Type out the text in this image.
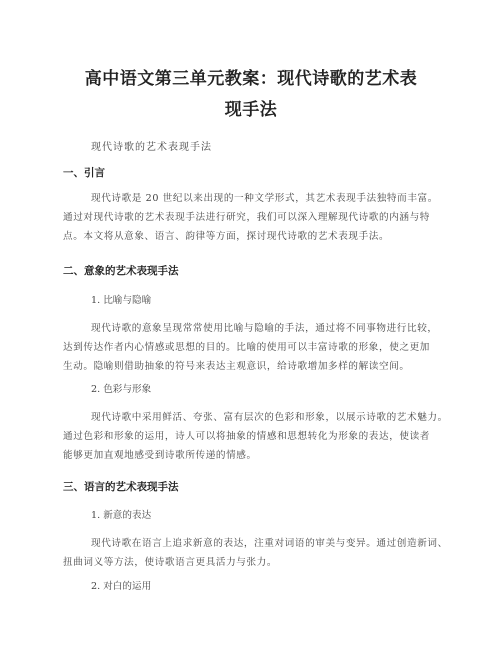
高中语文第三单元教案：现代诗歌的艺术表
现手法
现代诗歌的艺术表现手法
一、引言
现代诗歌是 20 世纪以来出现的一种文学形式，其艺术表现手法独特而丰富。
通过对现代诗歌的艺术表现手法进行研究，我们可以深入理解现代诗歌的内涵与特
点。本文将从意象、语言、韵律等方面，探讨现代诗歌的艺术表现手法。
二、意象的艺术表现手法
1. 比喻与隐喻
现代诗歌的意象呈现常常使用比喻与隐喻的手法，通过将不同事物进行比较，
达到传达作者内心情感或思想的目的。比喻的使用可以丰富诗歌的形象，使之更加
生动。隐喻则借助抽象的符号来表达主观意识，给诗歌增加多样的解读空间。
2. 色彩与形象
现代诗歌中采用鲜活、夸张、富有层次的色彩和形象，以展示诗歌的艺术魅力。
通过色彩和形象的运用，诗人可以将抽象的情感和思想转化为形象的表达，使读者
能够更加直观地感受到诗歌所传递的情感。
三、语言的艺术表现手法
1. 新意的表达
现代诗歌在语言上追求新意的表达，注重对词语的审美与变异。通过创造新词、
扭曲词义等方法，使诗歌语言更具活力与张力。
2. 对白的运用
